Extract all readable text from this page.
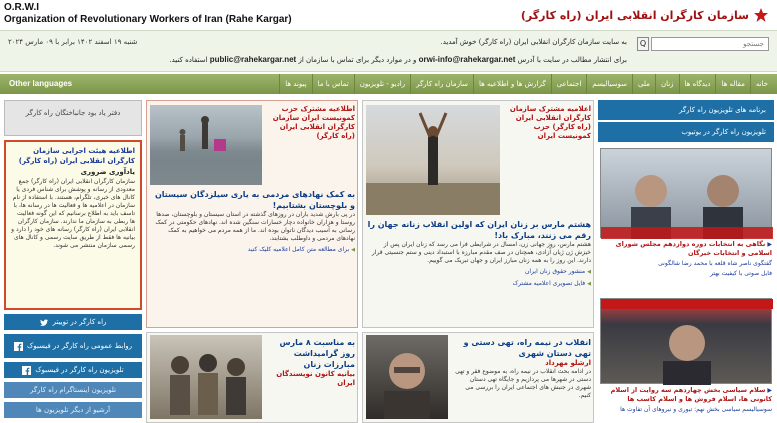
O.R.W.I
Organization of Revolutionary Workers of Iran (Rahe Kargar)	سازمان کارگران انقلابی ایران (راه کارگر)
جستجو
Q
به سایت سازمان کارگران انقلابی ایران (راه کارگر) خوش آمدید.
شنبه ۱۹ اسفند ۱۴۰۲ برابر با ۰۹ مارس ۲۰۲۴
برای انتشار مطالب در سایت با آدرس orwi-info@rahekargar.net و در موارد دیگر برای تماس با سازمان از public@rahekargar.net استفاده کنید.
خانه
مقاله ها
دیدگاه ها
زنان
ملی
سوسیالیسم
اجتماعی
گزارش ها و اطلاعیه ها
سازمان راه کارگر
رادیو - تلویزیون
تماس با ما
پیوند ها
Other languages
دفتر یاد بود جانباختگان راه کارگر
اطلاعیه هیئت اجرایی سازمان کارگران انقلابی ایران (راه کارگر)
یادآوری ضروری
سازمان کارگران انقلابی ایران (راه کارگر) جمع معدودی از رسانه و پوشش برای شناس فردی یا کانال های خبری، تلگرام، هستند. با استفاده از نام سازمان در اعلامیه ها و فعالیت ها در رسانه ها، با تاسف باید به اطلاع برسانیم که این گونه فعالیت ها ربطی به سازمان ما ندارند. سازمان کارگران انقلابی ایران (راه کارگر) رسانه های خود را دارد و بیانیه ها فقط از طریق سایت رسمی و کانال های رسمی سازمان منتشر می شوند.
راه کارگر در توییتر
روابط عمومی راه کارگر در فیسبوک
تلویزیون راه کارگر در فیسبوک
تلویزیون اینستاگرام راه کارگر
آرشیو از دیگر تلویزیون ها
اطلاعیه مشترک حزب کمونیست ایران سازمان کارگران انقلابی ایران (راه کارگر)
به کمک نهادهای مردمی به یاری سیلزدگان سیستان و بلوچستان بشتابیم!
در پی بارش شدید باران در روزهای گذشته در استان سیستان و بلوچستان، صدها روستا و هزاران خانواده دچار خسارات سنگین شده اند. نهادهای حکومتی در کمک رسانی به آسیب دیدگان ناتوان بوده اند. ما از همه مردم می خواهیم به کمک نهادهای مردمی و داوطلب بشتابند.
◀ برای مطالعه متن کامل اعلامیه کلیک کنید
اعلامیه مشترک سازمان کارگران انقلابی ایران (راه کارگر) حزب کمونیست ایران
هشتم مارس بر زنان ایران که اولین انقلاب زنانه جهان را رقم می زنند، مبارک باد!
هشتم مارس، روز جهانی زن، امسال در شرایطی فرا می رسد که زنان ایران پس از خیزش ژن ژیان آزادی، همچنان در صف مقدم مبارزه با استبداد دینی و ستم جنسیتی قرار دارند. این روز را به همه زنان مبارز ایران و جهان تبریک می گوییم.
◀ منشور حقوق زنان ایران
◀ فایل تصویری اعلامیه مشترک
به مناسبت ۸ مارس روز گرامیداشت مبارزات زنان
بیانیه کانون نویسندگان ایران
انقلاب در نیمه راه، تهی دستی و تهی دستان شهری
ارشلو مهرداد
در ادامه بحث انقلاب در نیمه راه، به موضوع فقر و تهی دستی در شهرها می پردازیم و جایگاه تهی دستان شهری در جنبش های اجتماعی ایران را بررسی می کنیم.
برنامه های تلویزیون راه کارگر
تلویزیون راه کارگر در یوتیوب
▶ نگاهی به انتخابات دوره دوازدهم مجلس شورای اسلامی و انتخابات خبرگان
گفتگوی ناصر شاه قلعه با محمد رضا شالگونی
فایل صوتی با کیفیت بهتر
▶ سلام سیاسی بخش چهاردهم سه روایت از اسلام کانونی ها، اسلام فروش ها و اسلام کاسب ها
سوسیالیسم سیاسی بخش نهم: تیوری و نیروهای آن تفاوت ها
